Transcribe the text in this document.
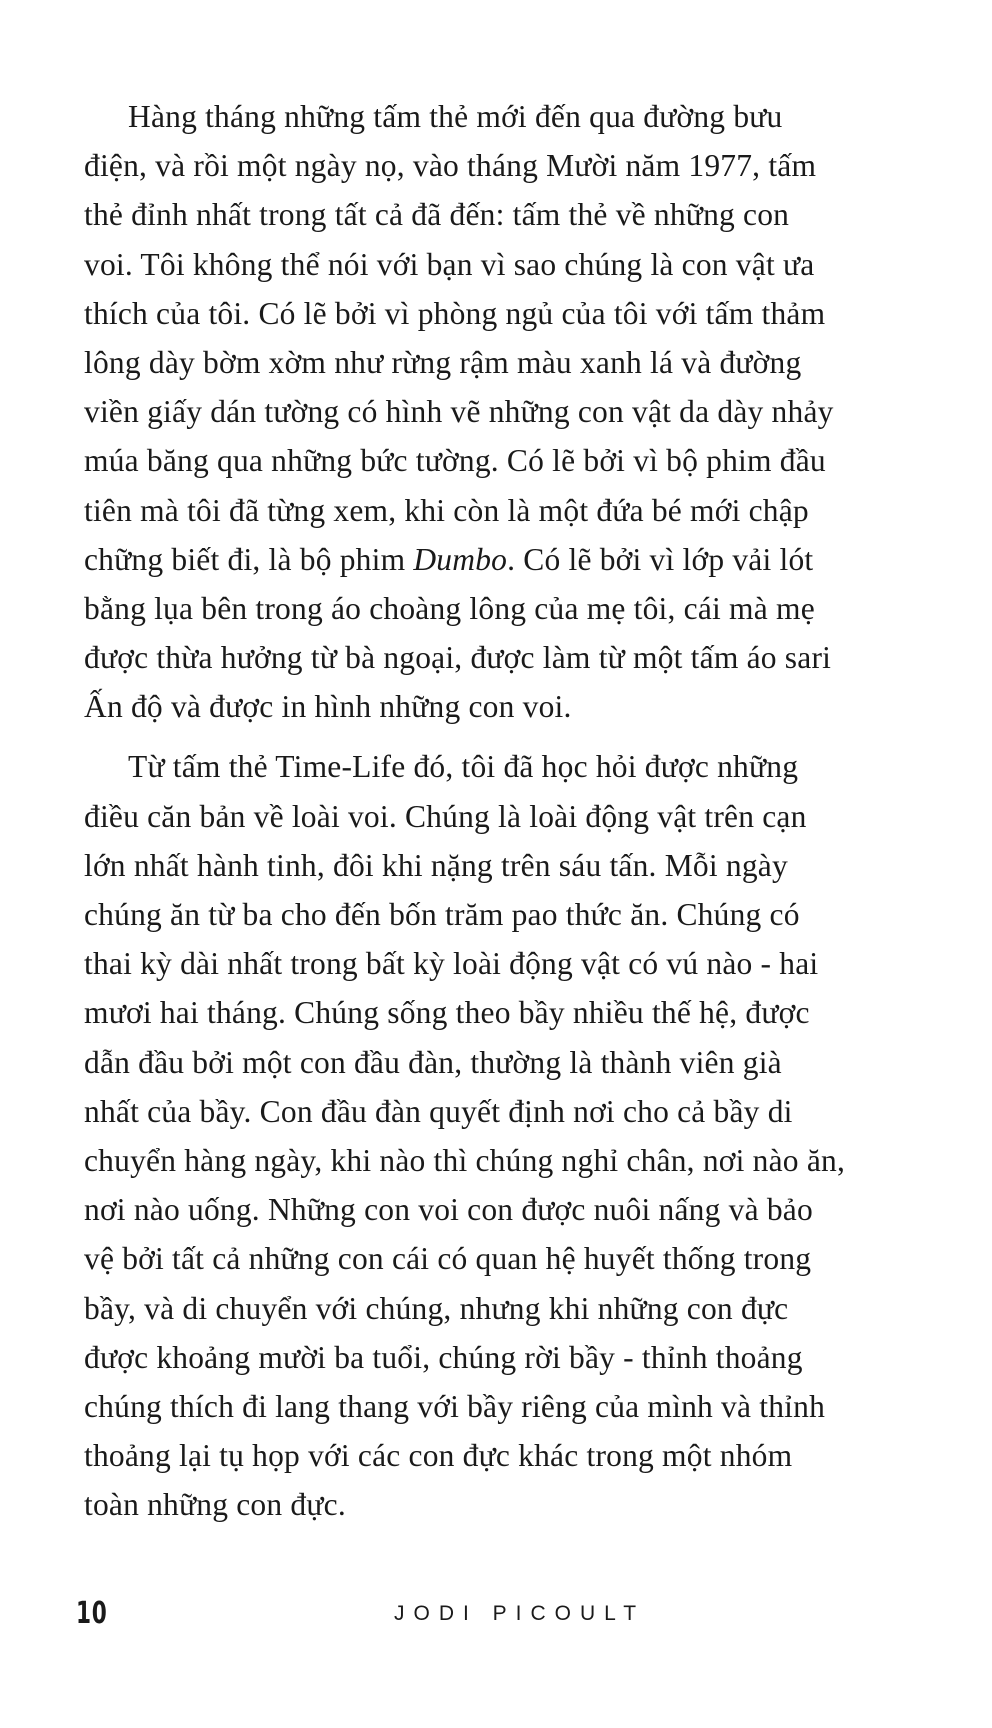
Hàng tháng những tấm thẻ mới đến qua đường bưu
điện, và rồi một ngày nọ, vào tháng Mười năm 1977, tấm
thẻ đỉnh nhất trong tất cả đã đến: tấm thẻ về những con
voi. Tôi không thể nói với bạn vì sao chúng là con vật ưa
thích của tôi. Có lẽ bởi vì phòng ngủ của tôi với tấm thảm
lông dày bờm xờm như rừng rậm màu xanh lá và đường
viền giấy dán tường có hình vẽ những con vật da dày nhảy
múa băng qua những bức tường. Có lẽ bởi vì bộ phim đầu
tiên mà tôi đã từng xem, khi còn là một đứa bé mới chập
chững biết đi, là bộ phim Dumbo. Có lẽ bởi vì lớp vải lót
bằng lụa bên trong áo choàng lông của mẹ tôi, cái mà mẹ
được thừa hưởng từ bà ngoại, được làm từ một tấm áo sari
Ấn độ và được in hình những con voi.
Từ tấm thẻ Time-Life đó, tôi đã học hỏi được những
điều căn bản về loài voi. Chúng là loài động vật trên cạn
lớn nhất hành tinh, đôi khi nặng trên sáu tấn. Mỗi ngày
chúng ăn từ ba cho đến bốn trăm pao thức ăn. Chúng có
thai kỳ dài nhất trong bất kỳ loài động vật có vú nào - hai
mươi hai tháng. Chúng sống theo bầy nhiều thế hệ, được
dẫn đầu bởi một con đầu đàn, thường là thành viên già
nhất của bầy. Con đầu đàn quyết định nơi cho cả bầy di
chuyển hàng ngày, khi nào thì chúng nghỉ chân, nơi nào ăn,
nơi nào uống. Những con voi con được nuôi nấng và bảo
vệ bởi tất cả những con cái có quan hệ huyết thống trong
bầy, và di chuyển với chúng, nhưng khi những con đực
được khoảng mười ba tuổi, chúng rời bầy - thỉnh thoảng
chúng thích đi lang thang với bầy riêng của mình và thỉnh
thoảng lại tụ họp với các con đực khác trong một nhóm
toàn những con đực.
10	JODI PICOULT
